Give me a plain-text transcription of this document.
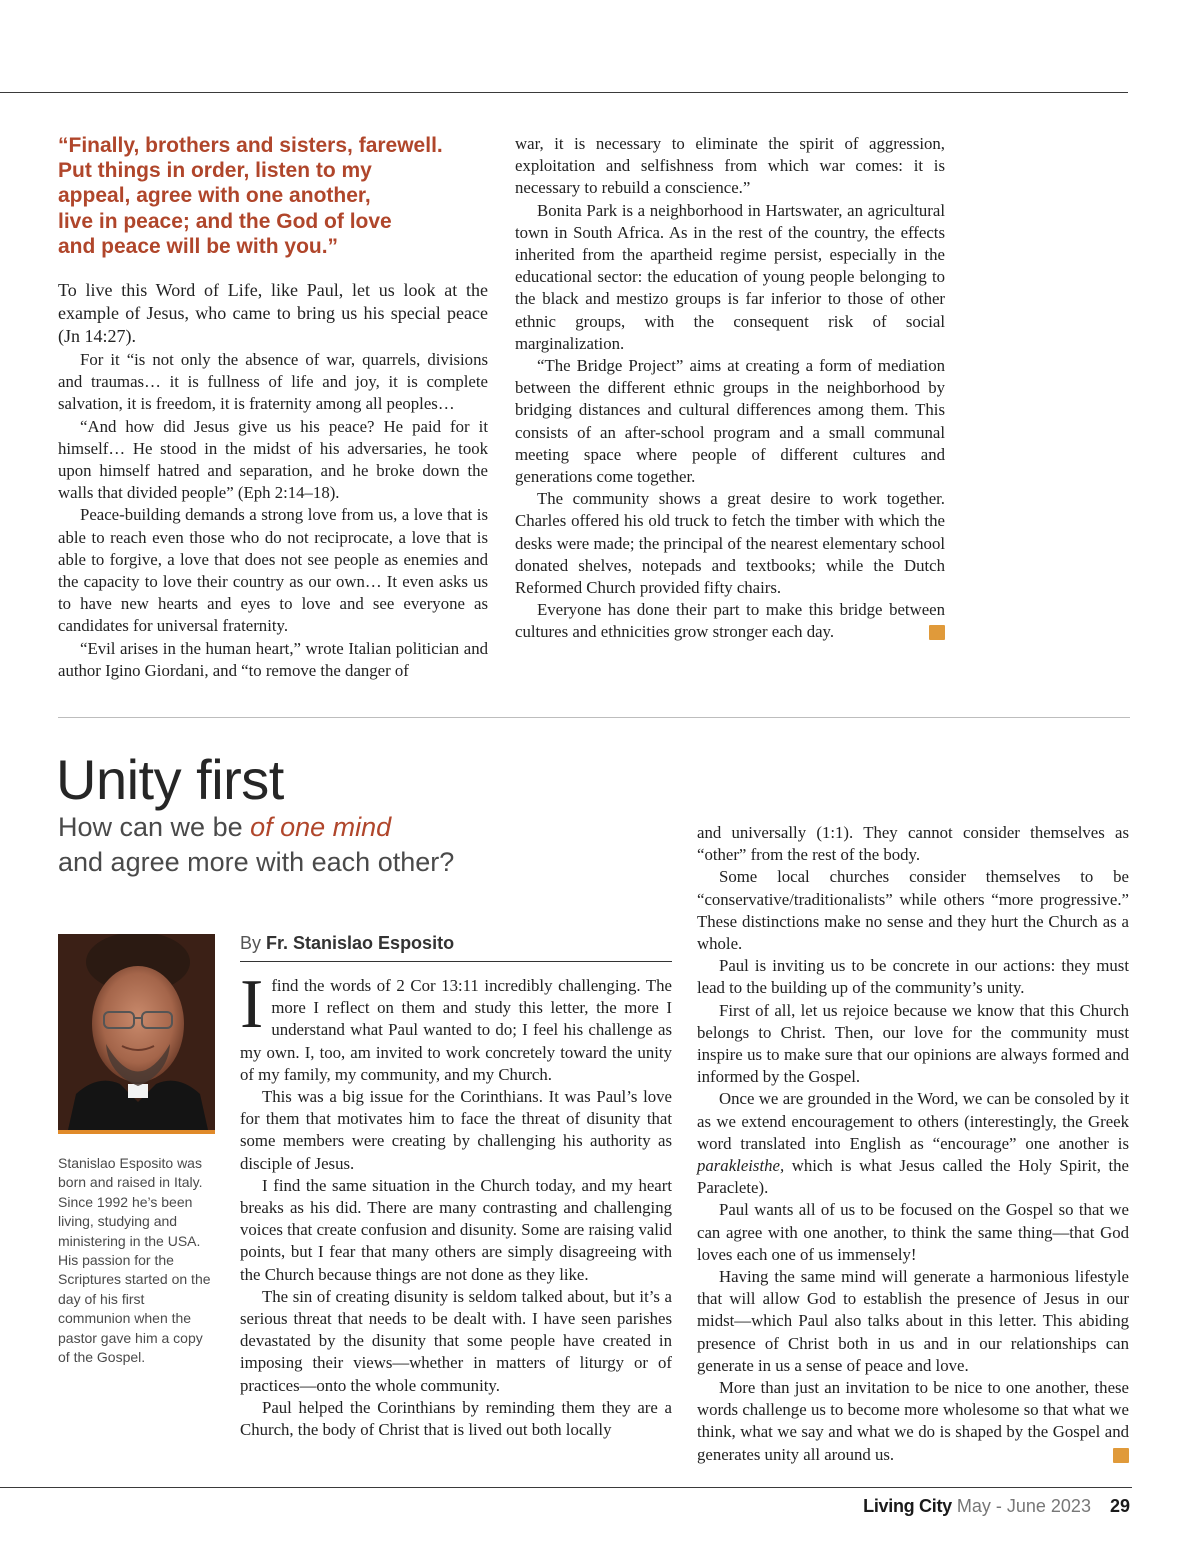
“Finally, brothers and sisters, farewell.
Put things in order, listen to my
appeal, agree with one another,
live in peace; and the God of love
and peace will be with you.”

To live this Word of Life, like Paul, let us look at the example of Jesus, who came to bring us his special peace (Jn 14:27).

For it “is not only the absence of war, quarrels, divisions and traumas… it is fullness of life and joy, it is complete salvation, it is freedom, it is fraternity among all peoples…

“And how did Jesus give us his peace? He paid for it himself… He stood in the midst of his adversaries, he took upon himself hatred and separation, and he broke down the walls that divided people” (Eph 2:14–18).

Peace-building demands a strong love from us, a love that is able to reach even those who do not reciprocate, a love that is able to forgive, a love that does not see people as enemies and the capacity to love their country as our own… It even asks us to have new hearts and eyes to love and see everyone as candidates for universal fraternity.

“Evil arises in the human heart,” wrote Italian politician and author Igino Giordani, and “to remove the danger of

war, it is necessary to eliminate the spirit of aggression, exploitation and selfishness from which war comes: it is necessary to rebuild a conscience.”

Bonita Park is a neighborhood in Hartswater, an agricultural town in South Africa. As in the rest of the country, the effects inherited from the apartheid regime persist, especially in the educational sector: the education of young people belonging to the black and mestizo groups is far inferior to those of other ethnic groups, with the consequent risk of social marginalization.

“The Bridge Project” aims at creating a form of mediation between the different ethnic groups in the neighborhood by bridging distances and cultural differences among them. This consists of an after-school program and a small communal meeting space where people of different cultures and generations come together.

The community shows a great desire to work together. Charles offered his old truck to fetch the timber with which the desks were made; the principal of the nearest elementary school donated shelves, notepads and textbooks; while the Dutch Reformed Church provided fifty chairs.

Everyone has done their part to make this bridge between cultures and ethnicities grow stronger each day.	LC

Unity first
How can we be of one mind
and agree more with each other?
Stanislao Esposito was born and raised in Italy. Since 1992 he’s been living, studying and ministering in the USA. His passion for the Scriptures started on the day of his first communion when the pastor gave him a copy of the Gospel.
By Fr. Stanislao Esposito

Ifind the words of 2 Cor 13:11 incredibly challenging. The more I reflect on them and study this letter, the more I understand what Paul wanted to do; I feel his challenge as my own. I, too, am invited to work concretely toward the unity of my family, my community, and my Church.

This was a big issue for the Corinthians. It was Paul’s love for them that motivates him to face the threat of disunity that some members were creating by challenging his authority as disciple of Jesus.

I find the same situation in the Church today, and my heart breaks as his did. There are many contrasting and challenging voices that create confusion and disunity. Some are raising valid points, but I fear that many others are simply disagreeing with the Church because things are not done as they like.

The sin of creating disunity is seldom talked about, but it’s a serious threat that needs to be dealt with. I have seen parishes devastated by the disunity that some people have created in imposing their views—whether in matters of liturgy or of practices—onto the whole community.

Paul helped the Corinthians by reminding them they are a Church, the body of Christ that is lived out both locally

and universally (1:1). They cannot consider themselves as “other” from the rest of the body.

Some local churches consider themselves to be “conservative/traditionalists” while others “more progressive.” These distinctions make no sense and they hurt the Church as a whole.

Paul is inviting us to be concrete in our actions: they must lead to the building up of the community’s unity.

First of all, let us rejoice because we know that this Church belongs to Christ. Then, our love for the community must inspire us to make sure that our opinions are always formed and informed by the Gospel.

Once we are grounded in the Word, we can be consoled by it as we extend encouragement to others (interestingly, the Greek word translated into English as “encourage” one another is parakleisthe, which is what Jesus called the Holy Spirit, the Paraclete).

Paul wants all of us to be focused on the Gospel so that we can agree with one another, to think the same thing—that God loves each one of us immensely!

Having the same mind will generate a harmonious lifestyle that will allow God to establish the presence of Jesus in our midst—which Paul also talks about in this letter. This abiding presence of Christ both in us and in our relationships can generate in us a sense of peace and love.

More than just an invitation to be nice to one another, these words challenge us to become more wholesome so that what we think, what we say and what we do is shaped by the Gospel and generates unity all around us.	LC

Living City May - June 2023 29
